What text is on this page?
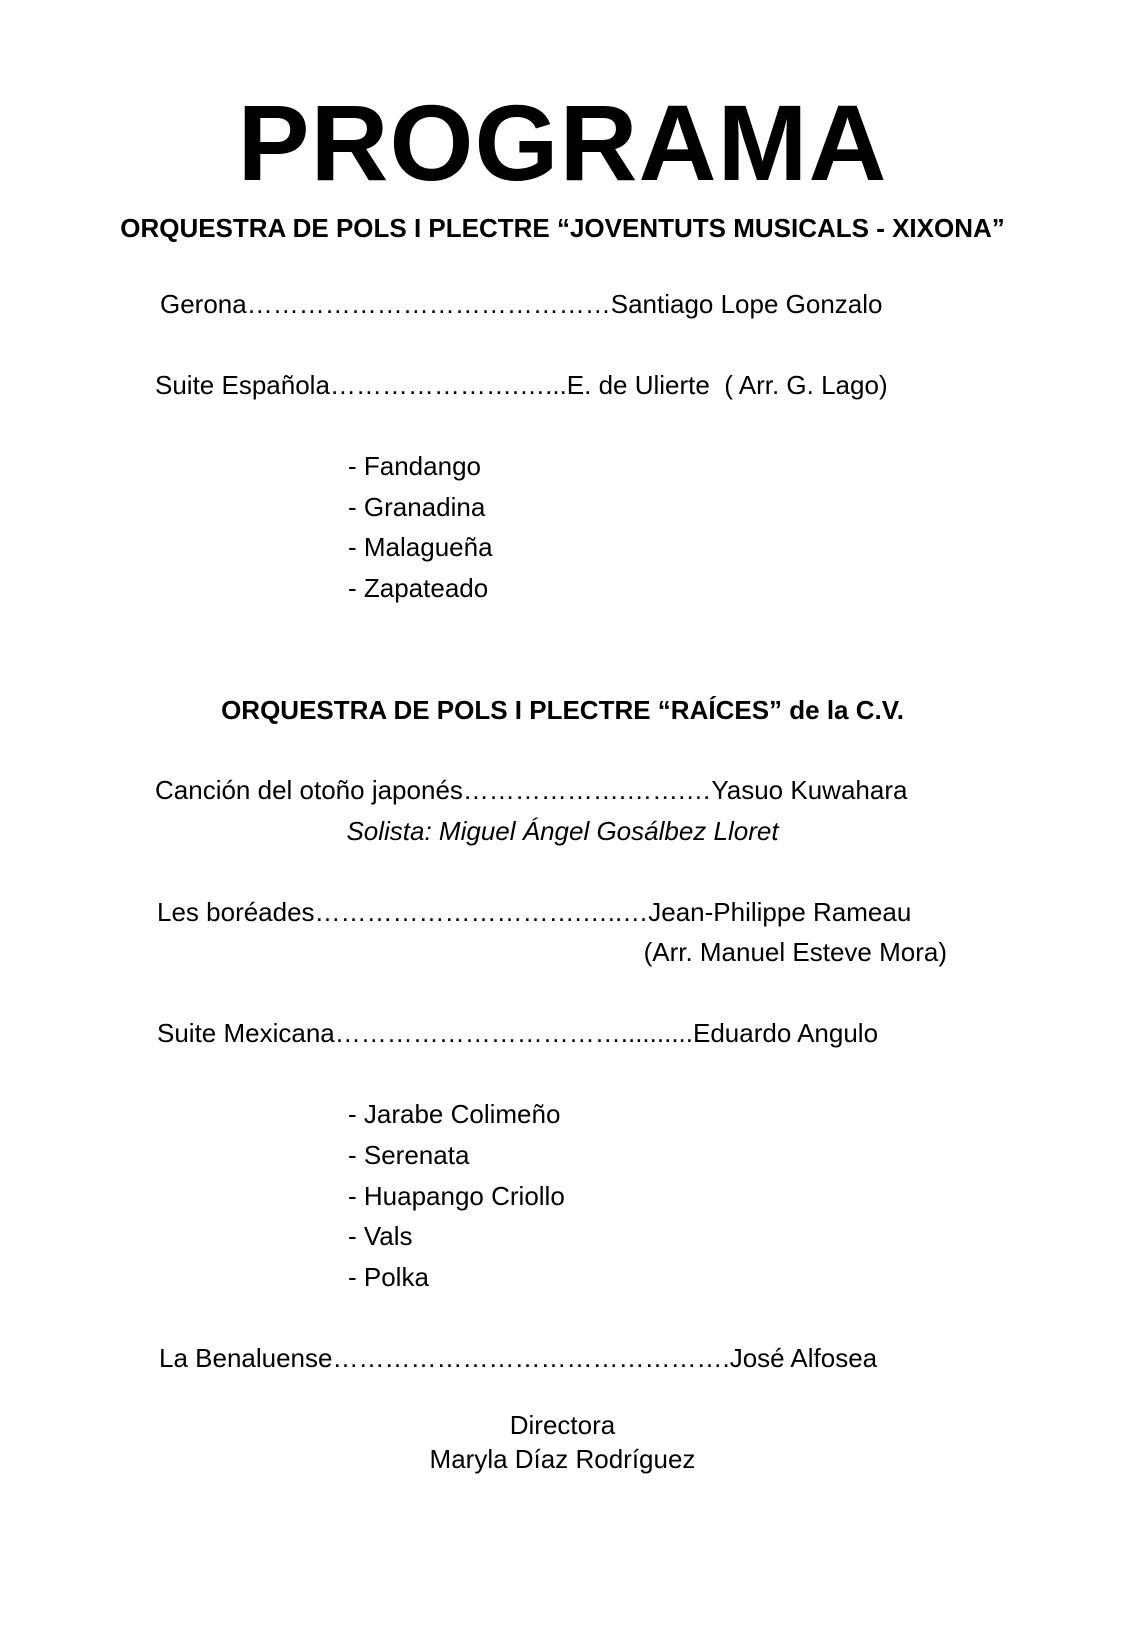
PROGRAMA
ORQUESTRA DE POLS I PLECTRE “JOVENTUTS MUSICALS - XIXONA”
Gerona……………………………………Santiago Lope Gonzalo
Suite Española………………….…...E. de Ulierte  ( Arr. G. Lago)
- Fandango
- Granadina
- Malagueña
- Zapateado
ORQUESTRA DE POLS I PLECTRE “RAÍCES” de la C.V.
Canción del otoño japonés……………….…….…Yasuo Kuwahara
Solista: Miguel Ángel Gosálbez Lloret
Les boréades………………………….…..…Jean-Philippe Rameau
(Arr. Manuel Esteve Mora)
Suite Mexicana……………………………..........Eduardo Angulo
- Jarabe Colimeño
- Serenata
- Huapango Criollo
- Vals
- Polka
La Benaluense……………………………………….José Alfosea
Directora
Maryla Díaz Rodríguez
